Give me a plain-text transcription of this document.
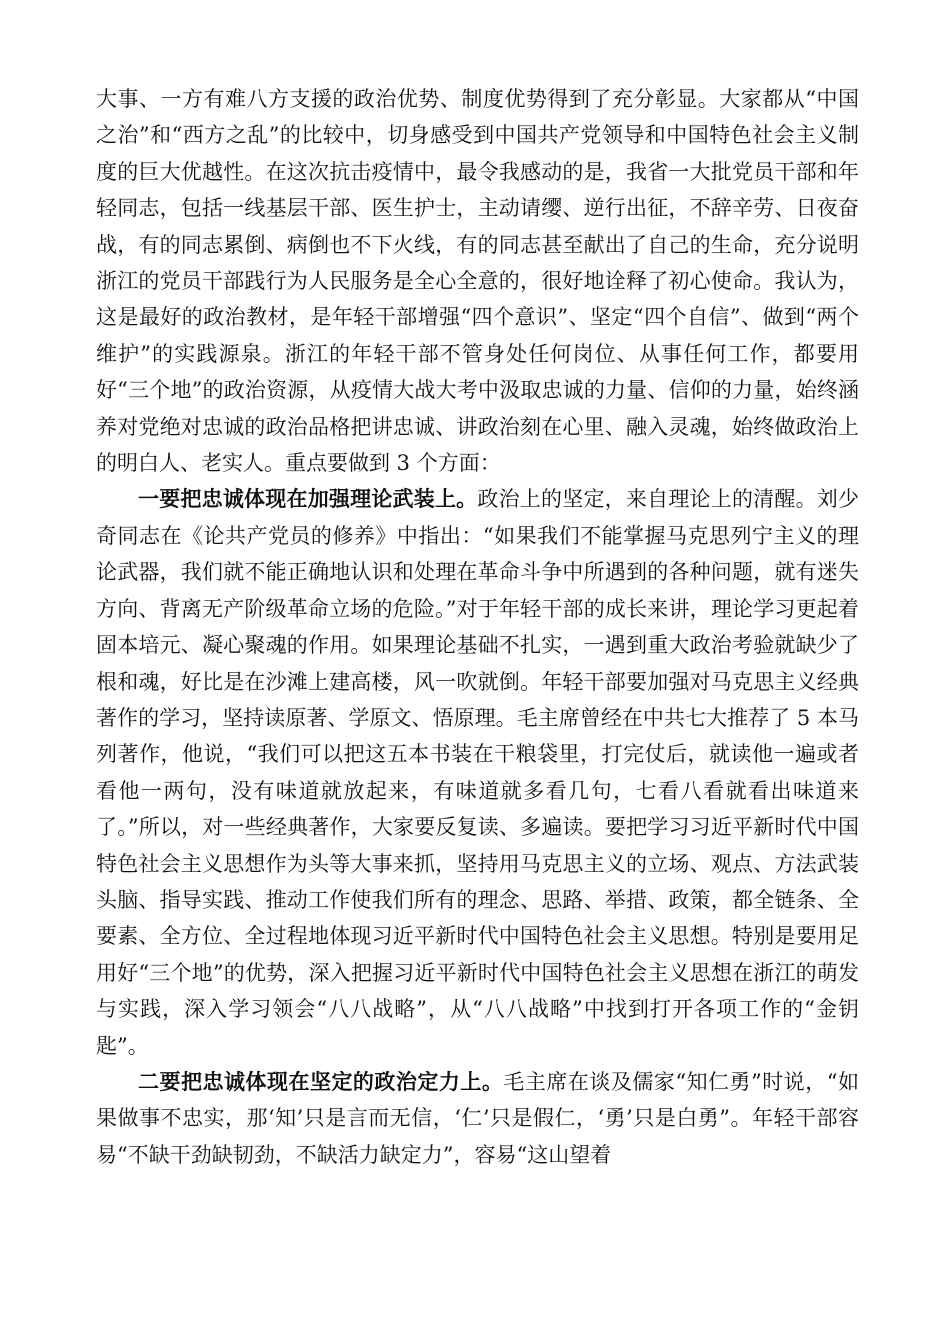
大事、一方有难八方支援的政治优势、制度优势得到了充分彰显。大家都从“中国之治”和“西方之乱”的比较中，切身感受到中国共产党领导和中国特色社会主义制度的巨大优越性。在这次抗击疫情中，最令我感动的是，我省一大批党员干部和年轻同志，包括一线基层干部、医生护士，主动请缨、逆行出征，不辞辛劳、日夜奋战，有的同志累倒、病倒也不下火线，有的同志甚至献出了自己的生命，充分说明浙江的党员干部践行为人民服务是全心全意的，很好地诠释了初心使命。我认为，这是最好的政治教材，是年轻干部增强“四个意识”、坚定“四个自信”、做到“两个维护”的实践源泉。浙江的年轻干部不管身处任何岗位、从事任何工作，都要用好“三个地”的政治资源，从疫情大战大考中汲取忠诚的力量、信仰的力量，始终涵养对党绝对忠诚的政治品格把讲忠诚、讲政治刻在心里、融入灵魂，始终做政治上的明白人、老实人。重点要做到 3 个方面：

一要把忠诚体现在加强理论武装上。政治上的坚定，来自理论上的清醒。刘少奇同志在《论共产党员的修养》中指出：“如果我们不能掌握马克思列宁主义的理论武器，我们就不能正确地认识和处理在革命斗争中所遇到的各种问题，就有迷失方向、背离无产阶级革命立场的危险。”对于年轻干部的成长来讲，理论学习更起着固本培元、凝心聚魂的作用。如果理论基础不扎实，一遇到重大政治考验就缺少了根和魂，好比是在沙滩上建高楼，风一吹就倒。年轻干部要加强对马克思主义经典著作的学习，坚持读原著、学原文、悟原理。毛主席曾经在中共七大推荐了 5 本马列著作，他说，“我们可以把这五本书装在干粮袋里，打完仗后，就读他一遍或者看他一两句，没有味道就放起来，有味道就多看几句，七看八看就看出味道来了。”所以，对一些经典著作，大家要反复读、多遍读。要把学习习近平新时代中国特色社会主义思想作为头等大事来抓，坚持用马克思主义的立场、观点、方法武装头脑、指导实践、推动工作使我们所有的理念、思路、举措、政策，都全链条、全要素、全方位、全过程地体现习近平新时代中国特色社会主义思想。特别是要用足用好“三个地”的优势，深入把握习近平新时代中国特色社会主义思想在浙江的萌发与实践，深入学习领会“八八战略”，从“八八战略”中找到打开各项工作的“金钥匙”。

二要把忠诚体现在坚定的政治定力上。毛主席在谈及儒家“知仁勇”时说，“如果做事不忠实，那‘知’只是言而无信，‘仁’只是假仁，‘勇’只是白勇”。年轻干部容易“不缺干劲缺韧劲，不缺活力缺定力”，容易“这山望着
